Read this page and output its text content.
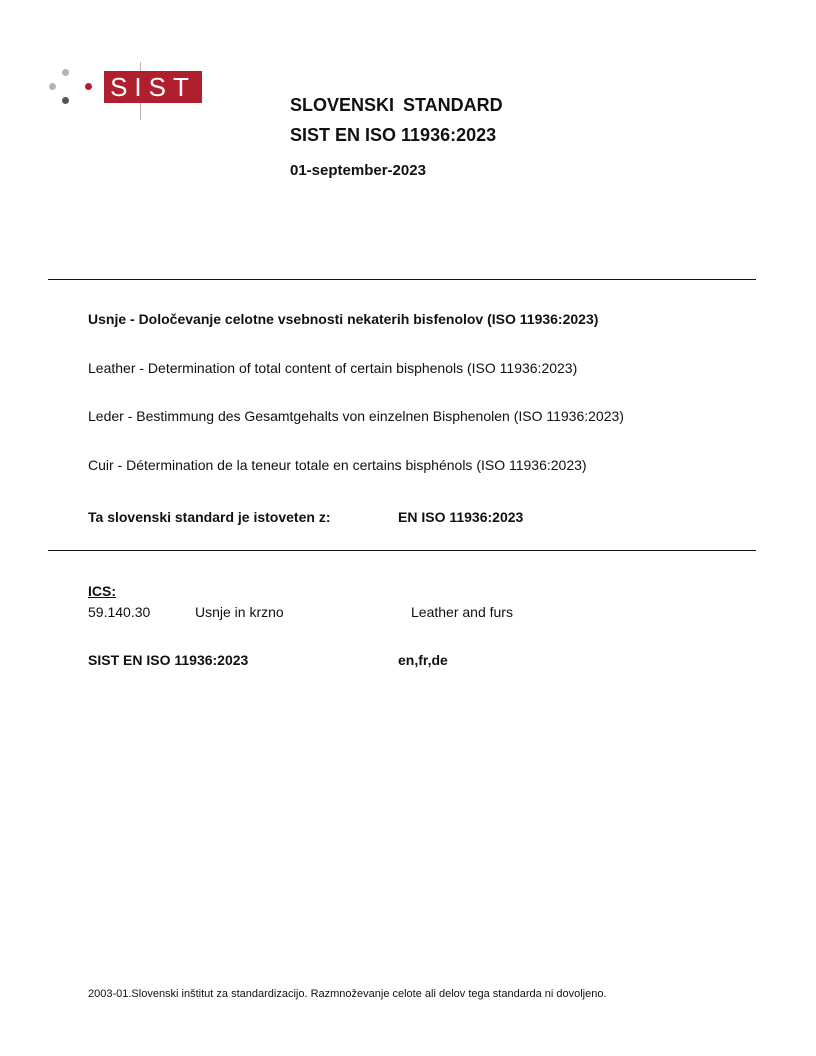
SIST
SLOVENSKI STANDARD
SIST EN ISO 11936:2023
01-september-2023
Usnje - Določevanje celotne vsebnosti nekaterih bisfenolov (ISO 11936:2023)
Leather - Determination of total content of certain bisphenols (ISO 11936:2023)
Leder - Bestimmung des Gesamtgehalts von einzelnen Bisphenolen (ISO 11936:2023)
Cuir - Détermination de la teneur totale en certains bisphénols (ISO 11936:2023)
Ta slovenski standard je istoveten z:	EN ISO 11936:2023
ICS:
59.140.30	Usnje in krzno	Leather and furs
SIST EN ISO 11936:2023	en,fr,de
2003-01.Slovenski inštitut za standardizacijo. Razmnoževanje celote ali delov tega standarda ni dovoljeno.
